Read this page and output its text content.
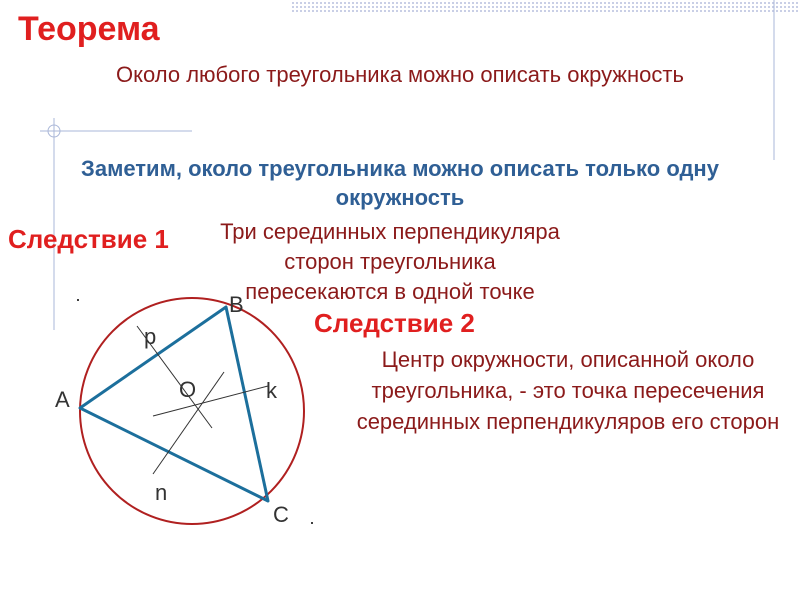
Теорема
Около любого треугольника можно описать окружность
Заметим, около треугольника можно описать только одну окружность
Следствие 1 Три серединных перпендикуляра сторон треугольника пересекаются в одной точке
Следствие 2
Центр окружности, описанной около треугольника, - это точка пересечения серединных перпендикуляров его сторон
A
B
C
O
p
k
n
